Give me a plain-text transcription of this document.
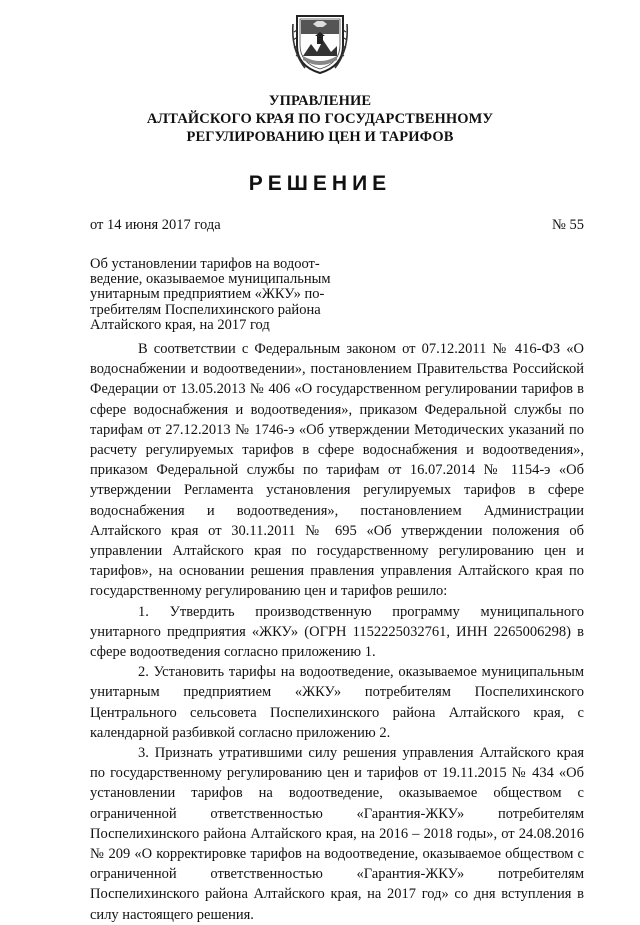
УПРАВЛЕНИЕ
АЛТАЙСКОГО КРАЯ ПО ГОСУДАРСТВЕННОМУ
РЕГУЛИРОВАНИЮ ЦЕН И ТАРИФОВ
РЕШЕНИЕ
от 14 июня 2017 года	№ 55
Об установлении тарифов на водоот-
ведение, оказываемое муниципальным
унитарным предприятием «ЖКУ» по-
требителям Поспелихинского района
Алтайского края, на 2017 год

В соответствии с Федеральным законом от 07.12.2011 № 416-ФЗ «О водоснабжении и водоотведении», постановлением Правительства Российской Федерации от 13.05.2013 № 406 «О государственном регулировании тарифов в сфере водоснабжения и водоотведения», приказом Федеральной службы по тарифам от 27.12.2013 № 1746-э «Об утверждении Методических указаний по расчету регулируемых тарифов в сфере водоснабжения и водоотведения», приказом Федеральной службы по тарифам от 16.07.2014 № 1154-э «Об утверждении Регламента установления регулируемых тарифов в сфере водоснабжения и водоотведения», постановлением Администрации Алтайского края от 30.11.2011 № 695 «Об утверждении положения об управлении Алтайского края по государственному регулированию цен и тарифов», на основании решения правления управления Алтайского края по государственному регулированию цен и тарифов решило:

1. Утвердить производственную программу муниципального унитарного предприятия «ЖКУ» (ОГРН 1152225032761, ИНН 2265006298) в сфере водоотведения согласно приложению 1.

2. Установить тарифы на водоотведение, оказываемое муниципальным унитарным предприятием «ЖКУ» потребителям Поспелихинского Центрального сельсовета Поспелихинского района Алтайского края, с календарной разбивкой согласно приложению 2.

3. Признать утратившими силу решения управления Алтайского края по государственному регулированию цен и тарифов от 19.11.2015 № 434 «Об установлении тарифов на водоотведение, оказываемое обществом с ограниченной ответственностью «Гарантия-ЖКУ» потребителям Поспелихинского района Алтайского края, на 2016 – 2018 годы», от 24.08.2016 № 209 «О корректировке тарифов на водоотведение, оказываемое обществом с ограниченной ответственностью «Гарантия-ЖКУ» потребителям Поспелихинского района Алтайского края, на 2017 год» со дня вступления в силу настоящего решения.
